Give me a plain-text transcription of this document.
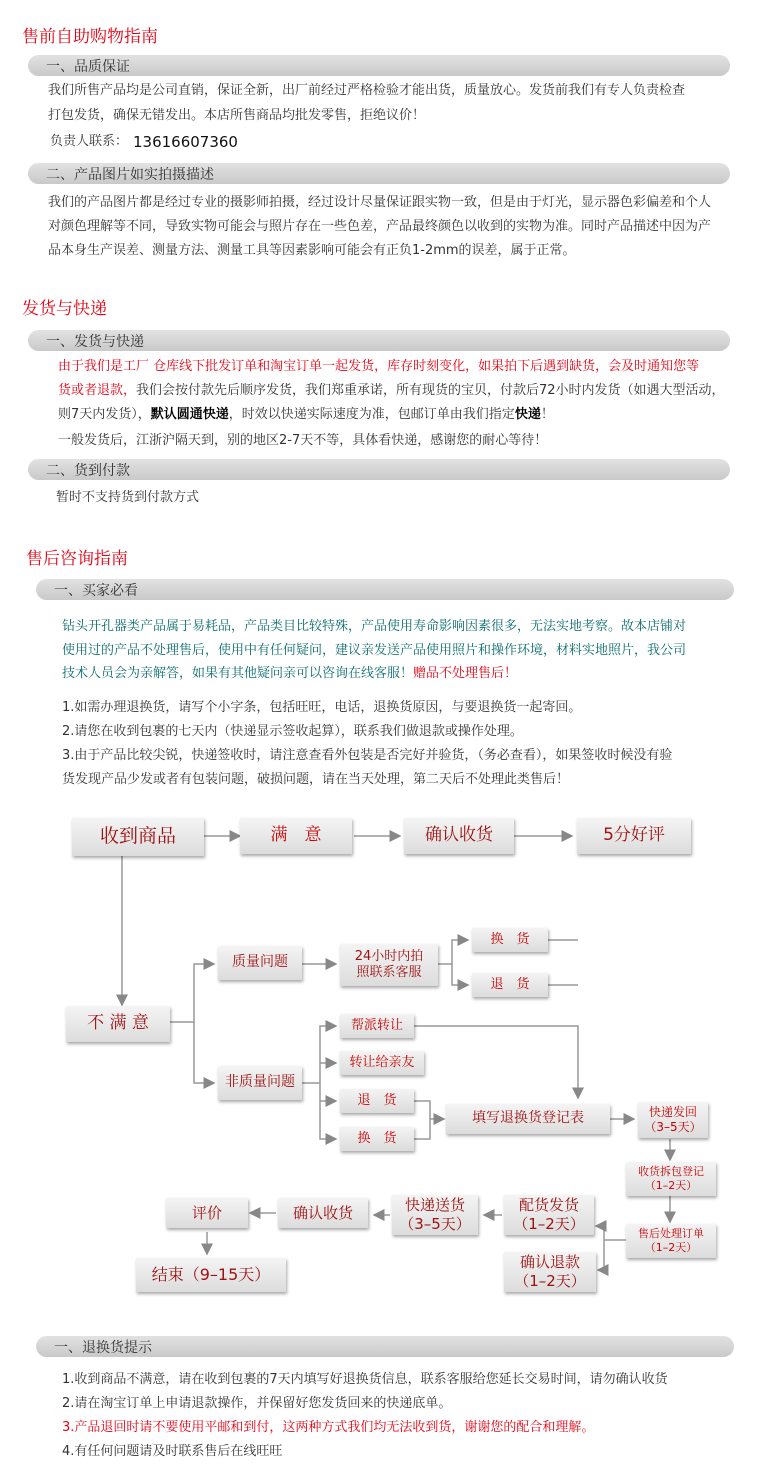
售前自助购物指南
一、品质保证
我们所售产品均是公司直销，保证全新，出厂前经过严格检验才能出货，质量放心。发货前我们有专人负责检查
打包发货，确保无错发出。本店所售商品均批发零售，拒绝议价！
负责人联系： 13616607360
二、产品图片如实拍摄描述
我们的产品图片都是经过专业的摄影师拍摄，经过设计尽量保证跟实物一致，但是由于灯光，显示器色彩偏差和个人
对颜色理解等不同，导致实物可能会与照片存在一些色差，产品最终颜色以收到的实物为准。同时产品描述中因为产
品本身生产误差、测量方法、测量工具等因素影响可能会有正负1-2mm的误差，属于正常。
发货与快递
一、发货与快递
由于我们是工厂 仓库线下批发订单和淘宝订单一起发货，库存时刻变化，如果拍下后遇到缺货，会及时通知您等
货或者退款，我们会按付款先后顺序发货，我们郑重承诺，所有现货的宝贝，付款后72小时内发货（如遇大型活动，
则7天内发货），默认圆通快递，时效以快递实际速度为准，包邮订单由我们指定快递！
一般发货后，江浙沪隔天到，别的地区2-7天不等，具体看快递，感谢您的耐心等待！
二、货到付款
暂时不支持货到付款方式
售后咨询指南
一、买家必看
钻头开孔器类产品属于易耗品，产品类目比较特殊，产品使用寿命影响因素很多，无法实地考察。故本店铺对
使用过的产品不处理售后，使用中有任何疑问，建议亲发送产品使用照片和操作环境，材料实地照片，我公司
技术人员会为亲解答，如果有其他疑问亲可以咨询在线客服！赠品不处理售后！
1.如需办理退换货，请写个小字条，包括旺旺，电话，退换货原因，与要退换货一起寄回。
2.请您在收到包裹的七天内（快递显示签收起算），联系我们做退款或操作处理。
3.由于产品比较尖锐，快递签收时，请注意查看外包装是否完好并验货，（务必查看），如果签收时候没有验
货发现产品少发或者有包装问题，破损问题，请在当天处理，第二天后不处理此类售后！
收到商品	满　意	确认收货	5分好评
不 满 意
质量问题	24小时内拍
照联系客服
换　货
退　货
非质量问题
帮派转让
转让给亲友
退　货
换　货
填写退换货登记表	快递发回
（3–5天）
收货拆包登记
（1–2天）
售后处理订单
（1–2天）
配货发货
（1–2天）
快递送货
（3–5天）
确认收货
评价
确认退款
（1–2天）
结束（9–15天）
一、退换货提示
1.收到商品不满意，请在收到包裹的7天内填写好退换货信息，联系客服给您延长交易时间，请勿确认收货
2.请在淘宝订单上申请退款操作，并保留好您发货回来的快递底单。
3.产品退回时请不要使用平邮和到付，这两种方式我们均无法收到货，谢谢您的配合和理解。
4.有任何问题请及时联系售后在线旺旺
